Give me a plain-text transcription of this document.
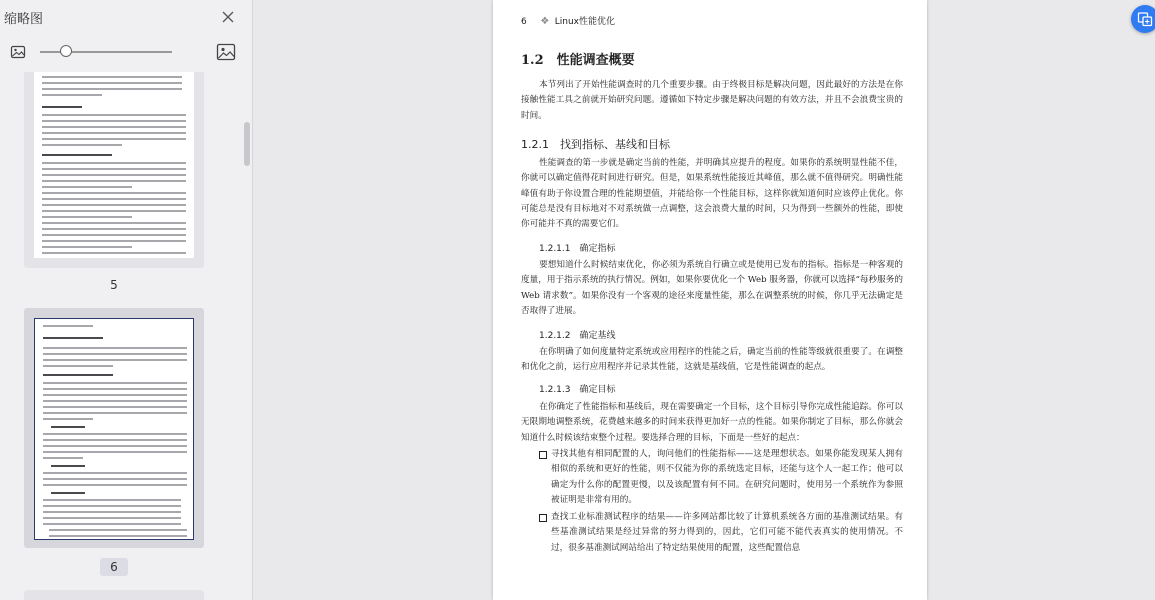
缩略图
5
6
6 ❖ Linux性能优化
1.2　性能调查概要

本节列出了开始性能调查时的几个重要步骤。由于终极目标是解决问题，因此最好的方法是在你接触性能工具之前就开始研究问题。遵循如下特定步骤是解决问题的有效方法，并且不会浪费宝贵的时间。

1.2.1　找到指标、基线和目标

性能调查的第一步就是确定当前的性能，并明确其应提升的程度。如果你的系统明显性能不佳，你就可以确定值得花时间进行研究。但是，如果系统性能接近其峰值，那么就不值得研究。明确性能峰值有助于你设置合理的性能期望值，并能给你一个性能目标，这样你就知道何时应该停止优化。你可能总是没有目标地对不对系统做一点调整，这会浪费大量的时间，只为得到一些额外的性能，即使你可能并不真的需要它们。

1.2.1.1　确定指标

要想知道什么时候结束优化，你必须为系统自行确立或是使用已发布的指标。指标是一种客观的度量，用于指示系统的执行情况。例如，如果你要优化一个 Web 服务器，你就可以选择“每秒服务的 Web 请求数”。如果你没有一个客观的途径来度量性能，那么在调整系统的时候，你几乎无法确定是否取得了进展。

1.2.1.2　确定基线

在你明确了如何度量特定系统或应用程序的性能之后，确定当前的性能等级就很重要了。在调整和优化之前，运行应用程序并记录其性能，这就是基线值，它是性能调查的起点。

1.2.1.3　确定目标

在你确定了性能指标和基线后，现在需要确定一个目标，这个目标引导你完成性能追踪。你可以无限期地调整系统，花费越来越多的时间来获得更加好一点的性能。如果你制定了目标，那么你就会知道什么时候该结束整个过程。要选择合理的目标，下面是一些好的起点：

寻找其他有相同配置的人，询问他们的性能指标——这是理想状态。如果你能发现某人拥有相似的系统和更好的性能，则不仅能为你的系统选定目标，还能与这个人一起工作；他可以确定为什么你的配置更慢，以及该配置有何不同。在研究问题时，使用另一个系统作为参照被证明是非常有用的。

查找工业标准测试程序的结果——许多网站都比较了计算机系统各方面的基准测试结果。有些基准测试结果是经过异常的努力得到的，因此，它们可能不能代表真实的使用情况。不过，很多基准测试网站给出了特定结果使用的配置，这些配置信息
